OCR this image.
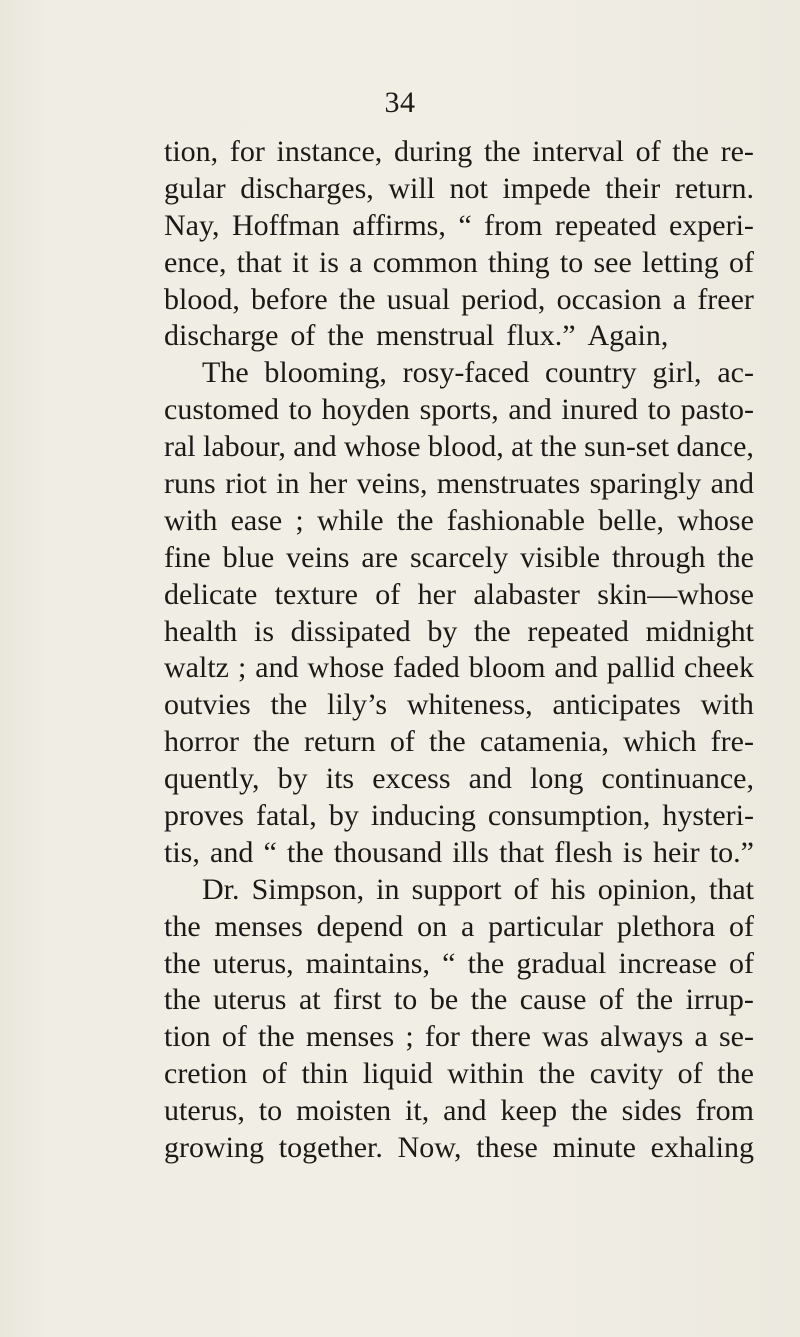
34
tion, for instance, during the interval of the re-
gular discharges, will not impede their return.
Nay, Hoffman affirms, “ from repeated experi-
ence, that it is a common thing to see letting of
blood, before the usual period, occasion a freer
discharge of the menstrual flux.” Again,
The blooming, rosy-faced country girl, ac-
customed to hoyden sports, and inured to pasto-
ral labour, and whose blood, at the sun-set dance,
runs riot in her veins, menstruates sparingly and
with ease ; while the fashionable belle, whose
fine blue veins are scarcely visible through the
delicate texture of her alabaster skin—whose
health is dissipated by the repeated midnight
waltz ; and whose faded bloom and pallid cheek
outvies the lily’s whiteness, anticipates with
horror the return of the catamenia, which fre-
quently, by its excess and long continuance,
proves fatal, by inducing consumption, hysteri-
tis, and “ the thousand ills that flesh is heir to.”
Dr. Simpson, in support of his opinion, that
the menses depend on a particular plethora of
the uterus, maintains, “ the gradual increase of
the uterus at first to be the cause of the irrup-
tion of the menses ; for there was always a se-
cretion of thin liquid within the cavity of the
uterus, to moisten it, and keep the sides from
growing together. Now, these minute exhaling
